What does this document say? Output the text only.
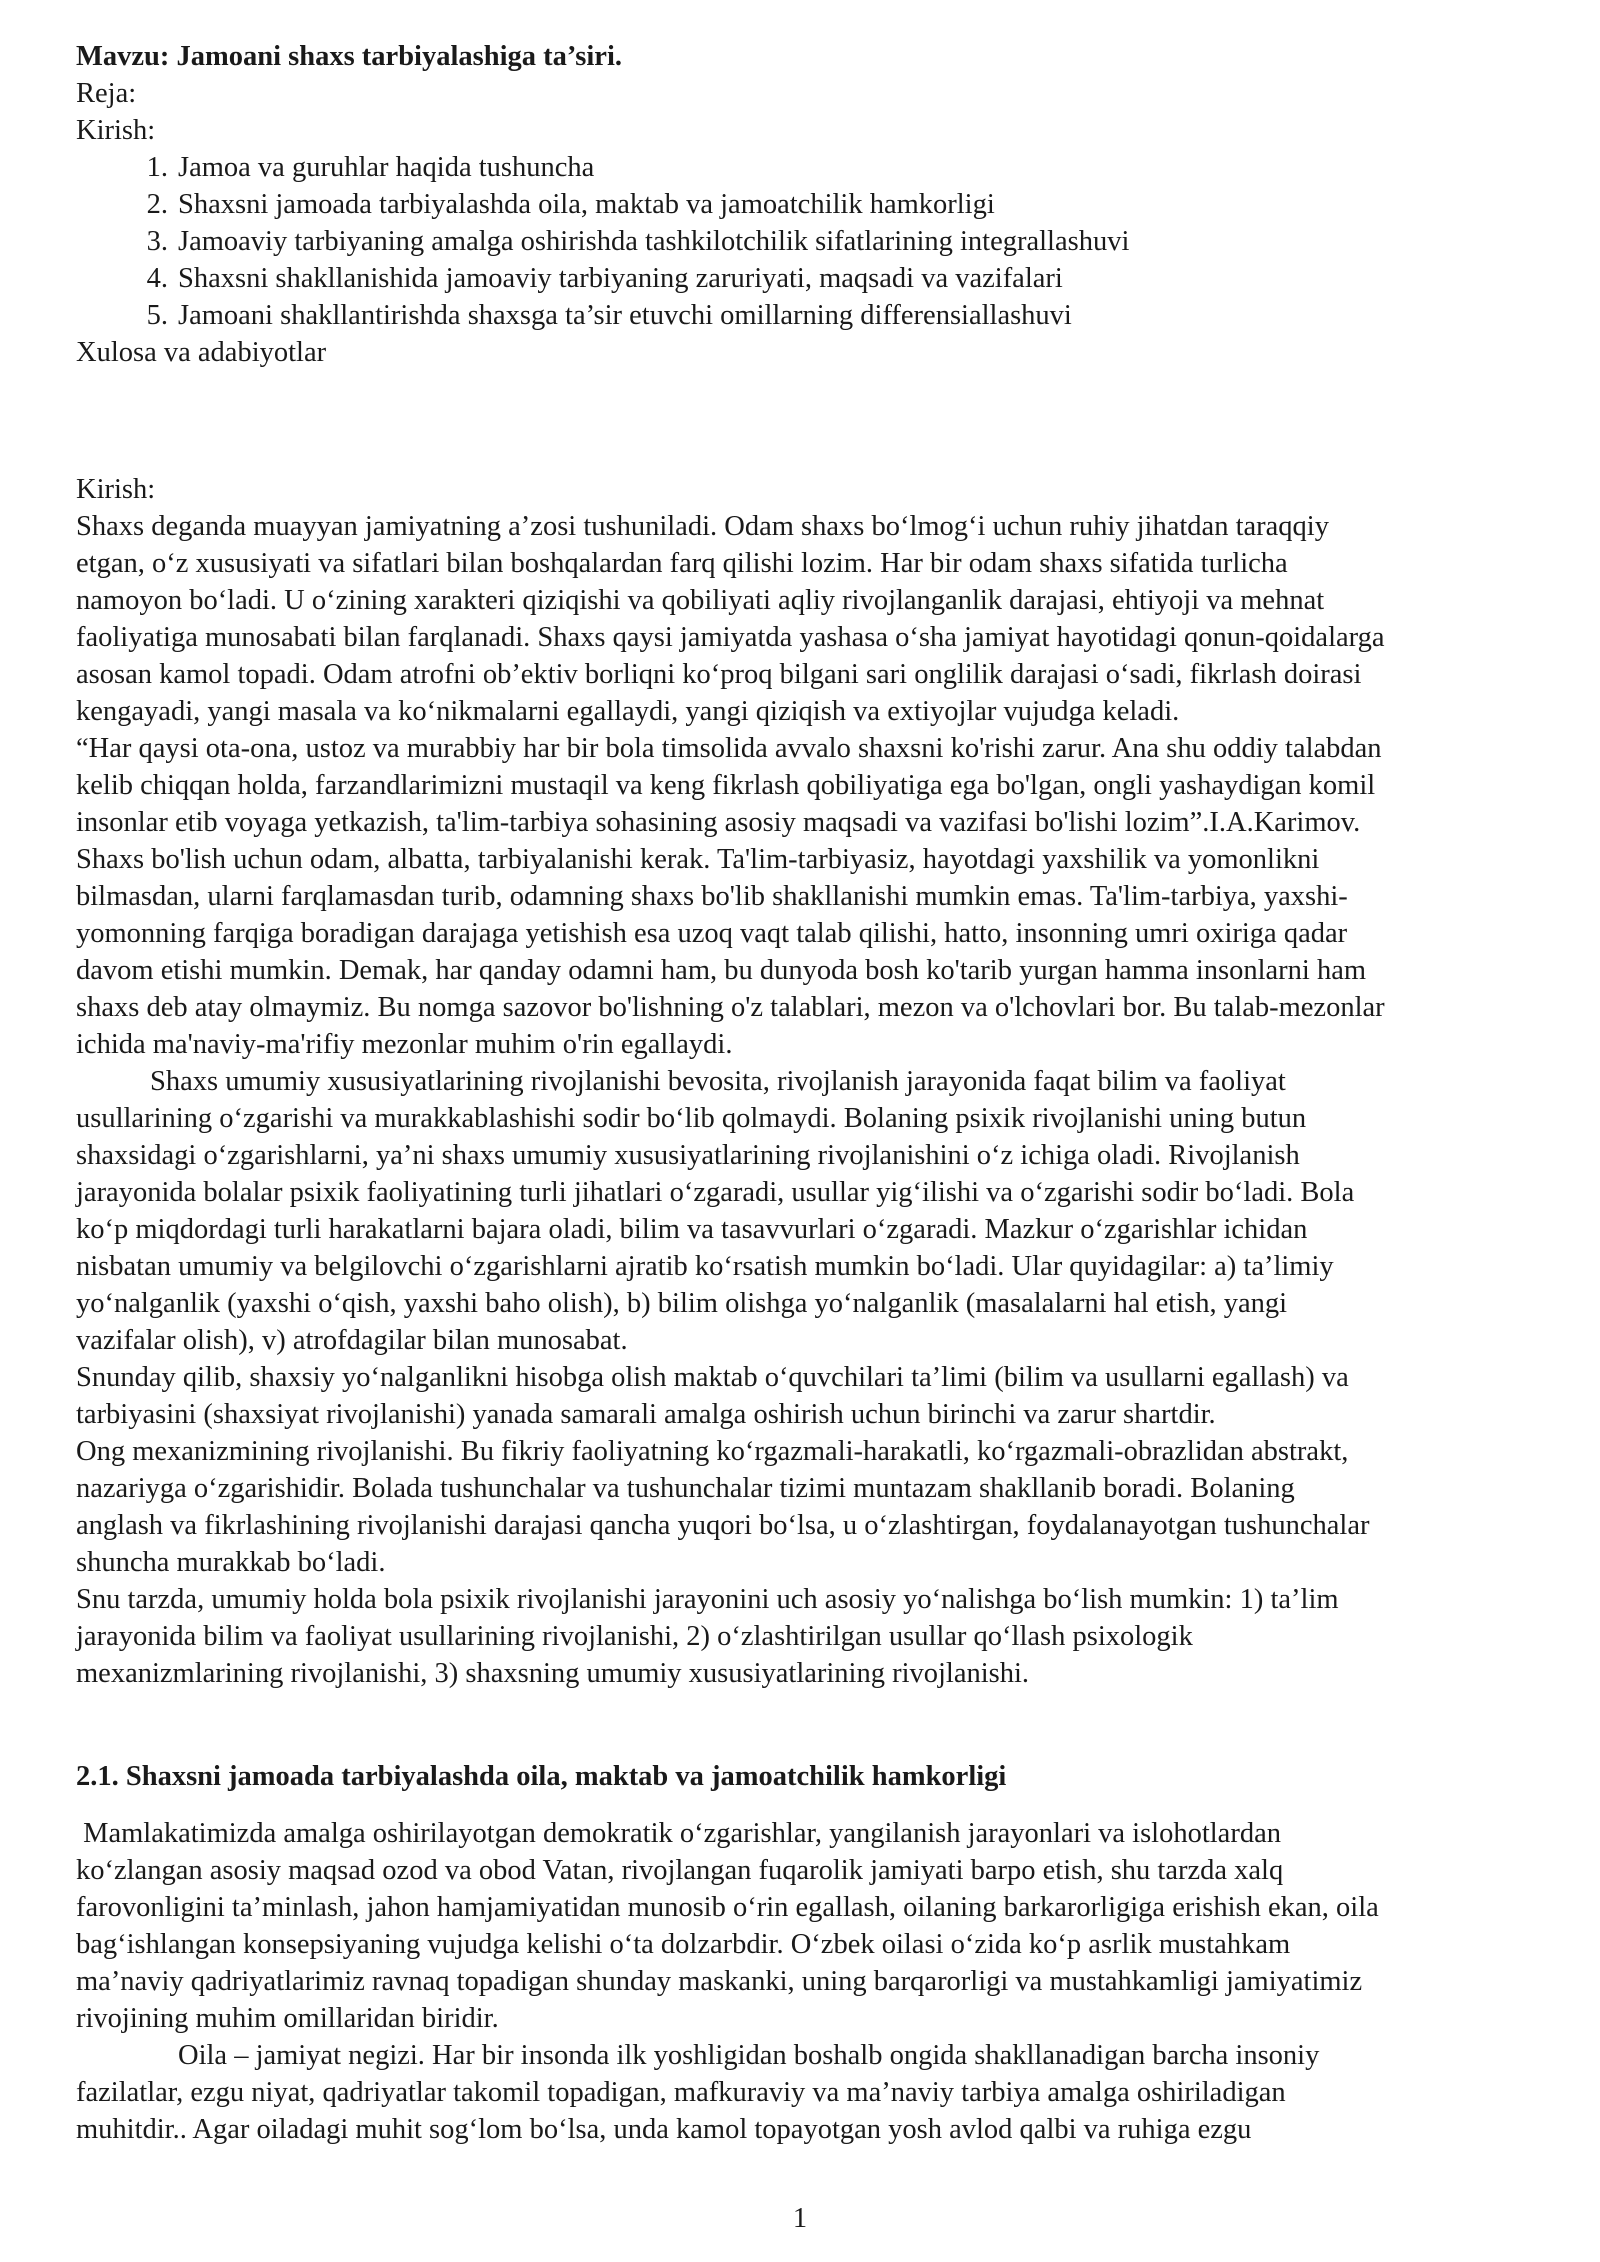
Mavzu: Jamoani shaxs tarbiyalashiga ta’siri.

Reja:

Kirish:

1. Jamoa va guruhlar haqida tushuncha

2. Shaxsni jamoada tarbiyalashda oila, maktab va jamoatchilik hamkorligi

3. Jamoaviy tarbiyaning amalga oshirishda tashkilotchilik sifatlarining integrallashuvi

4. Shaxsni shakllanishida jamoaviy tarbiyaning zaruriyati, maqsadi va vazifalari

5. Jamoani shakllantirishda shaxsga ta’sir etuvchi omillarning differensiallashuvi

Xulosa va adabiyotlar

Kirish:

Shaxs deganda muayyan jamiyatning a’zosi tushuniladi. Odam shaxs bo‘lmog‘i uchun ruhiy jihatdan taraqqiy

etgan, o‘z xususiyati va sifatlari bilan boshqalardan farq qilishi lozim. Har bir odam shaxs sifatida turlicha

namoyon bo‘ladi. U o‘zining xarakteri qiziqishi va qobiliyati aqliy rivojlanganlik darajasi, ehtiyoji va mehnat

faoliyatiga munosabati bilan farqlanadi. Shaxs qaysi jamiyatda yashasa o‘sha jamiyat hayotidagi qonun-qoidalarga

asosan kamol topadi. Odam atrofni ob’ektiv borliqni ko‘proq bilgani sari onglilik darajasi o‘sadi, fikrlash doirasi

kengayadi, yangi masala va ko‘nikmalarni egallaydi, yangi qiziqish va extiyojlar vujudga keladi.

“Har qaysi ota-ona, ustoz va murabbiy har bir bola timsolida avvalo shaxsni ko'rishi zarur. Ana shu oddiy talabdan

kelib chiqqan holda, farzandlarimizni mustaqil va keng fikrlash qobiliyatiga ega bo'lgan, ongli yashaydigan komil

insonlar etib voyaga yetkazish, ta'lim-tarbiya sohasining asosiy maqsadi va vazifasi bo'lishi lozim”.I.A.Karimov.

Shaxs bo'lish uchun odam, albatta, tarbiyalanishi kerak. Ta'lim-tarbiyasiz, hayotdagi yaxshilik va yomonlikni

bilmasdan, ularni farqlamasdan turib, odamning shaxs bo'lib shakllanishi mumkin emas. Ta'lim-tarbiya, yaxshi-

yomonning farqiga boradigan darajaga yetishish esa uzoq vaqt talab qilishi, hatto, insonning umri oxiriga qadar

davom etishi mumkin. Demak, har qanday odamni ham, bu dunyoda bosh ko'tarib yurgan hamma insonlarni ham

shaxs deb atay olmaymiz. Bu nomga sazovor bo'lishning o'z talablari, mezon va o'lchovlari bor. Bu talab-mezonlar

ichida ma'naviy-ma'rifiy mezonlar muhim o'rin egallaydi.

Shaxs umumiy xususiyatlarining rivojlanishi bevosita, rivojlanish jarayonida faqat bilim va faoliyat

usullarining o‘zgarishi va murakkablashishi sodir bo‘lib qolmaydi. Bolaning psixik rivojlanishi uning butun

shaxsidagi o‘zgarishlarni, ya’ni shaxs umumiy xususiyatlarining rivojlanishini o‘z ichiga oladi. Rivojlanish

jarayonida bolalar psixik faoliyatining turli jihatlari o‘zgaradi, usullar yig‘ilishi va o‘zgarishi sodir bo‘ladi. Bola

ko‘p miqdordagi turli harakatlarni bajara oladi, bilim va tasavvurlari o‘zgaradi. Mazkur o‘zgarishlar ichidan

nisbatan umumiy va belgilovchi o‘zgarishlarni ajratib ko‘rsatish mumkin bo‘ladi. Ular quyidagilar: a) ta’limiy

yo‘nalganlik (yaxshi o‘qish, yaxshi baho olish), b) bilim olishga yo‘nalganlik (masalalarni hal etish, yangi

vazifalar olish), v) atrofdagilar bilan munosabat.

Snunday qilib, shaxsiy yo‘nalganlikni hisobga olish maktab o‘quvchilari ta’limi (bilim va usullarni egallash) va

tarbiyasini (shaxsiyat rivojlanishi) yanada samarali amalga oshirish uchun birinchi va zarur shartdir.

Ong mexanizmining rivojlanishi. Bu fikriy faoliyatning ko‘rgazmali-harakatli, ko‘rgazmali-obrazlidan abstrakt,

nazariyga o‘zgarishidir. Bolada tushunchalar va tushunchalar tizimi muntazam shakllanib boradi. Bolaning

anglash va fikrlashining rivojlanishi darajasi qancha yuqori bo‘lsa, u o‘zlashtirgan, foydalanayotgan tushunchalar

shuncha murakkab bo‘ladi.

Snu tarzda, umumiy holda bola psixik rivojlanishi jarayonini uch asosiy yo‘nalishga bo‘lish mumkin: 1) ta’lim

jarayonida bilim va faoliyat usullarining rivojlanishi, 2) o‘zlashtirilgan usullar qo‘llash psixologik

mexanizmlarining rivojlanishi, 3) shaxsning umumiy xususiyatlarining rivojlanishi.

2.1. Shaxsni jamoada tarbiyalashda oila, maktab va jamoatchilik hamkorligi

Mamlakatimizda amalga oshirilayotgan demokratik o‘zgarishlar, yangilanish jarayonlari va islohotlardan

ko‘zlangan asosiy maqsad ozod va obod Vatan, rivojlangan fuqarolik jamiyati barpo etish, shu tarzda xalq

farovonligini ta’minlash, jahon hamjamiyatidan munosib o‘rin egallash, oilaning barkarorligiga erishish ekan, oila

bag‘ishlangan konsepsiyaning vujudga kelishi o‘ta dolzarbdir. O‘zbek oilasi o‘zida ko‘p asrlik mustahkam

ma’naviy qadriyatlarimiz ravnaq topadigan shunday maskanki, uning barqarorligi va mustahkamligi jamiyatimiz

rivojining muhim omillaridan biridir.

Oila – jamiyat negizi. Har bir insonda ilk yoshligidan boshalb ongida shakllanadigan barcha insoniy

fazilatlar, ezgu niyat, qadriyatlar takomil topadigan, mafkuraviy va ma’naviy tarbiya amalga oshiriladigan

muhitdir.. Agar oiladagi muhit sog‘lom bo‘lsa, unda kamol topayotgan yosh avlod qalbi va ruhiga ezgu

1
